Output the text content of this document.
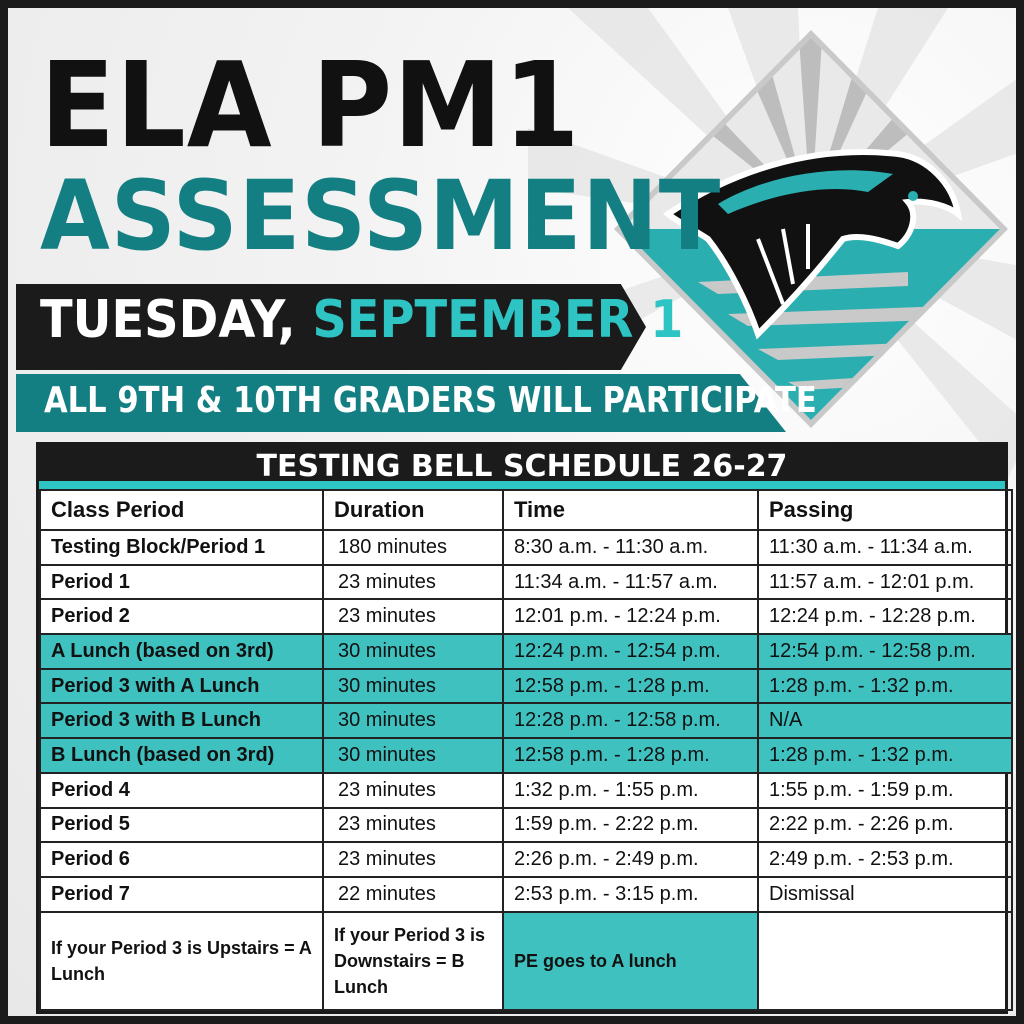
ELA PM1
ASSESSMENT
TUESDAY, SEPTEMBER 1
ALL 9TH & 10TH GRADERS WILL PARTICIPATE
TESTING BELL SCHEDULE 26-27
Class Period	Duration	Time	Passing
Testing Block/Period 1	180 minutes	8:30 a.m. - 11:30 a.m.	11:30 a.m. - 11:34 a.m.
Period 1	23 minutes	11:34 a.m. - 11:57 a.m.	11:57 a.m. - 12:01 p.m.
Period 2	23 minutes	12:01 p.m. - 12:24 p.m.	12:24 p.m. - 12:28 p.m.
A Lunch (based on 3rd)	30 minutes	12:24 p.m. - 12:54 p.m.	12:54 p.m. - 12:58 p.m.
Period 3 with A Lunch	30 minutes	12:58 p.m. - 1:28 p.m.	1:28 p.m. - 1:32 p.m.
Period 3 with B Lunch	30 minutes	12:28 p.m. - 12:58 p.m.	N/A
B Lunch (based on 3rd)	30 minutes	12:58 p.m. - 1:28 p.m.	1:28 p.m. - 1:32 p.m.
Period 4	23 minutes	1:32 p.m. - 1:55 p.m.	1:55 p.m. - 1:59 p.m.
Period 5	23 minutes	1:59 p.m. - 2:22 p.m.	2:22 p.m. - 2:26 p.m.
Period 6	23 minutes	2:26 p.m. - 2:49 p.m.	2:49 p.m. - 2:53 p.m.
Period 7	22 minutes	2:53 p.m. - 3:15 p.m.	Dismissal
If your Period 3 is Upstairs = A Lunch	If your Period 3 is Downstairs = B Lunch	PE goes to A lunch	
